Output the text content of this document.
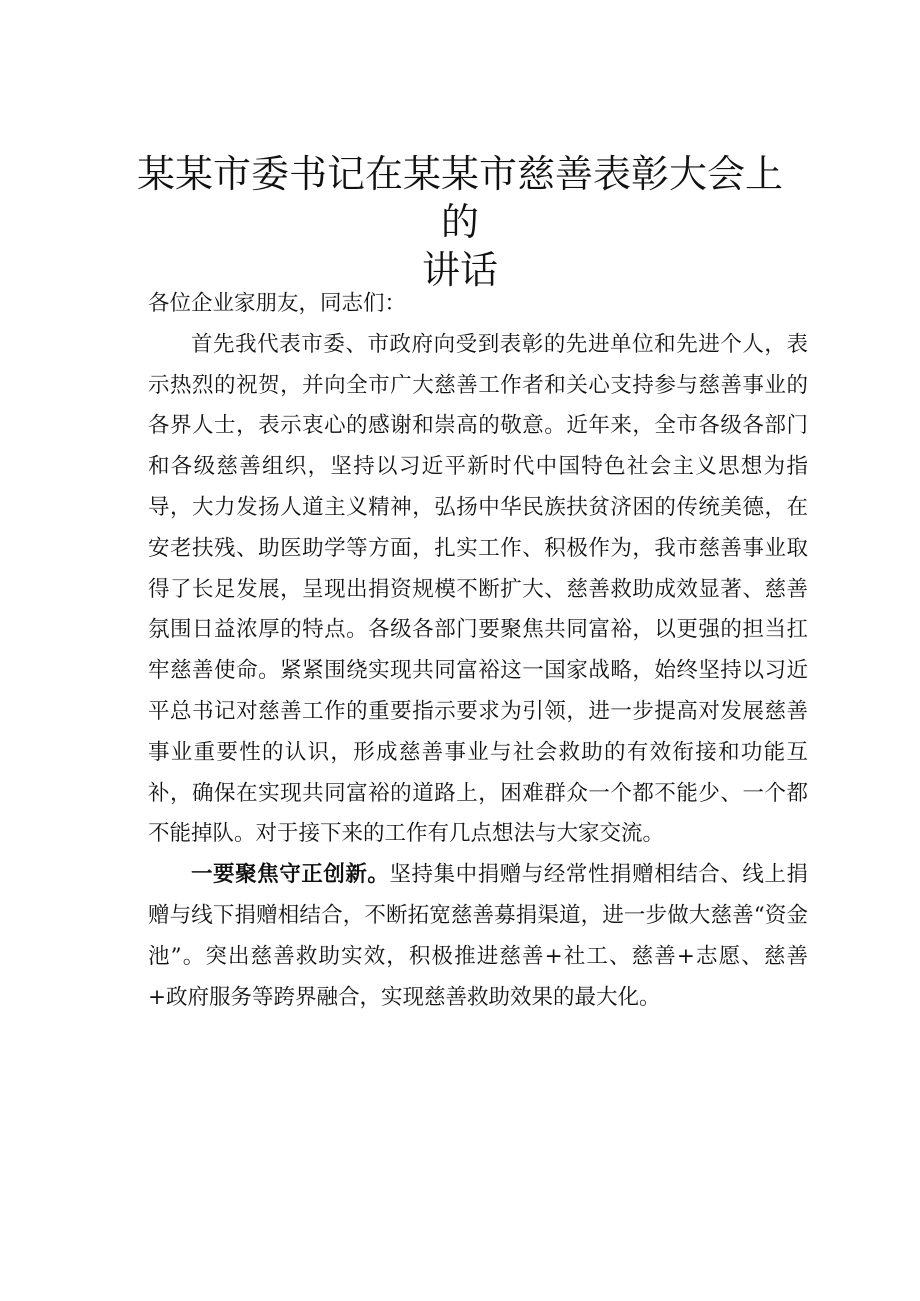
某某市委书记在某某市慈善表彰大会上的
讲话

各位企业家朋友，同志们：

首先我代表市委、市政府向受到表彰的先进单位和先进个人，表示热烈的祝贺，并向全市广大慈善工作者和关心支持参与慈善事业的各界人士，表示衷心的感谢和崇高的敬意。近年来，全市各级各部门和各级慈善组织，坚持以习近平新时代中国特色社会主义思想为指导，大力发扬人道主义精神，弘扬中华民族扶贫济困的传统美德，在安老扶残、助医助学等方面，扎实工作、积极作为，我市慈善事业取得了长足发展，呈现出捐资规模不断扩大、慈善救助成效显著、慈善氛围日益浓厚的特点。各级各部门要聚焦共同富裕，以更强的担当扛牢慈善使命。紧紧围绕实现共同富裕这一国家战略，始终坚持以习近平总书记对慈善工作的重要指示要求为引领，进一步提高对发展慈善事业重要性的认识，形成慈善事业与社会救助的有效衔接和功能互补，确保在实现共同富裕的道路上，困难群众一个都不能少、一个都不能掉队。对于接下来的工作有几点想法与大家交流。

一要聚焦守正创新。坚持集中捐赠与经常性捐赠相结合、线上捐赠与线下捐赠相结合，不断拓宽慈善募捐渠道，进一步做大慈善“资金池”。突出慈善救助实效，积极推进慈善+社工、慈善+志愿、慈善+政府服务等跨界融合，实现慈善救助效果的最大化。
